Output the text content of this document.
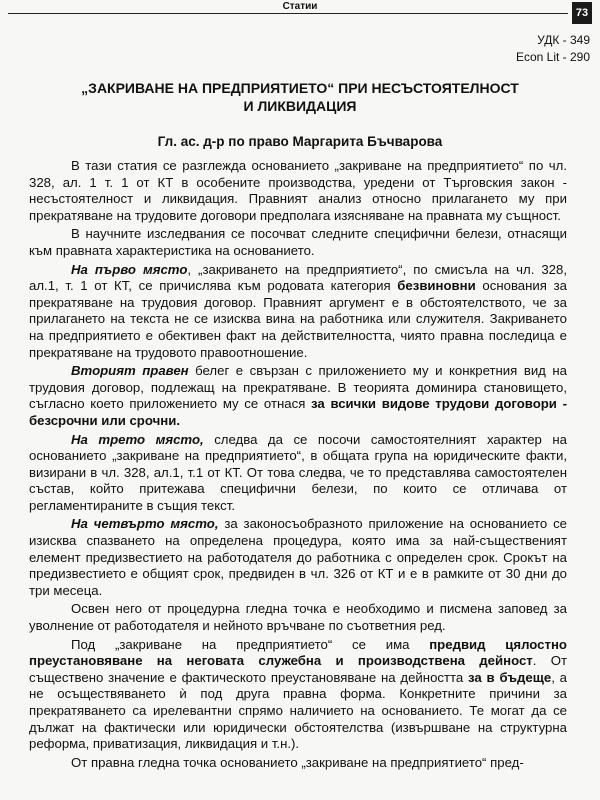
Статии
73
УДК - 349
Econ Lit - 290
„ЗАКРИВАНЕ НА ПРЕДПРИЯТИЕТО“ ПРИ НЕСЪСТОЯТЕЛНОСТ
И ЛИКВИДАЦИЯ
Гл. ас. д-р по право Маргарита Бъчварова

В тази статия се разглежда основанието „закриване на предприятието“ по чл. 328, ал. 1 т. 1 от КТ в особените производства, уредени от Търговския закон - несъстоятелност и ликвидация. Правният анализ относно прилагането му при прекратяване на трудовите договори предполага изясняване на правната му същност.

В научните изследвания се посочват следните специфични белези, отнасящи към правната характеристика на основанието.

На първо място, „закриването на предприятието“, по смисъла на чл. 328, ал.1, т. 1 от КТ, се причислява към родовата категория безвиновни основания за прекратяване на трудовия договор. Правният аргумент е в обстоятелството, че за прилагането на текста не се изисква вина на работника или служителя. Закриването на предприятието е обективен факт на действителността, чиято правна последица е прекратяване на трудовото правоотношение.

Вторият правен белег е свързан с приложението му и конкретния вид на трудовия договор, подлежащ на прекратяване. В теорията доминира становището, съгласно което приложението му се отнася за всички видове трудови договори - безсрочни или срочни.

На трето място, следва да се посочи самостоятелният характер на основанието „закриване на предприятието“, в общата група на юридическите факти, визирани в чл. 328, ал.1, т.1 от КТ. От това следва, че то представлява самостоятелен състав, който притежава специфични белези, по които се отличава от регламентираните в същия текст.

На четвърто място, за законосъобразното приложение на основанието се изисква спазването на определена процедура, която има за най-същественият елемент предизвестието на работодателя до работника с определен срок. Срокът на предизвестието е общият срок, предвиден в чл. 326 от КТ и е в рамките от 30 дни до три месеца.

Освен него от процедурна гледна точка е необходимо и писмена заповед за уволнение от работодателя и нейното връчване по съответния ред.

Под „закриване на предприятието“ се има предвид цялостно преустановяване на неговата служебна и производствена дейност. От съществено значение е фактическото преустановяване на дейността за в бъдеще, а не осъществяването ѝ под друга правна форма. Конкретните причини за прекратяването са ирелевантни спрямо наличието на основанието. Те могат да се дължат на фактически или юридически обстоятелства (извършване на структурна реформа, приватизация, ликвидация и т.н.).

От правна гледна точка основанието „закриване на предприятието“ пред-
